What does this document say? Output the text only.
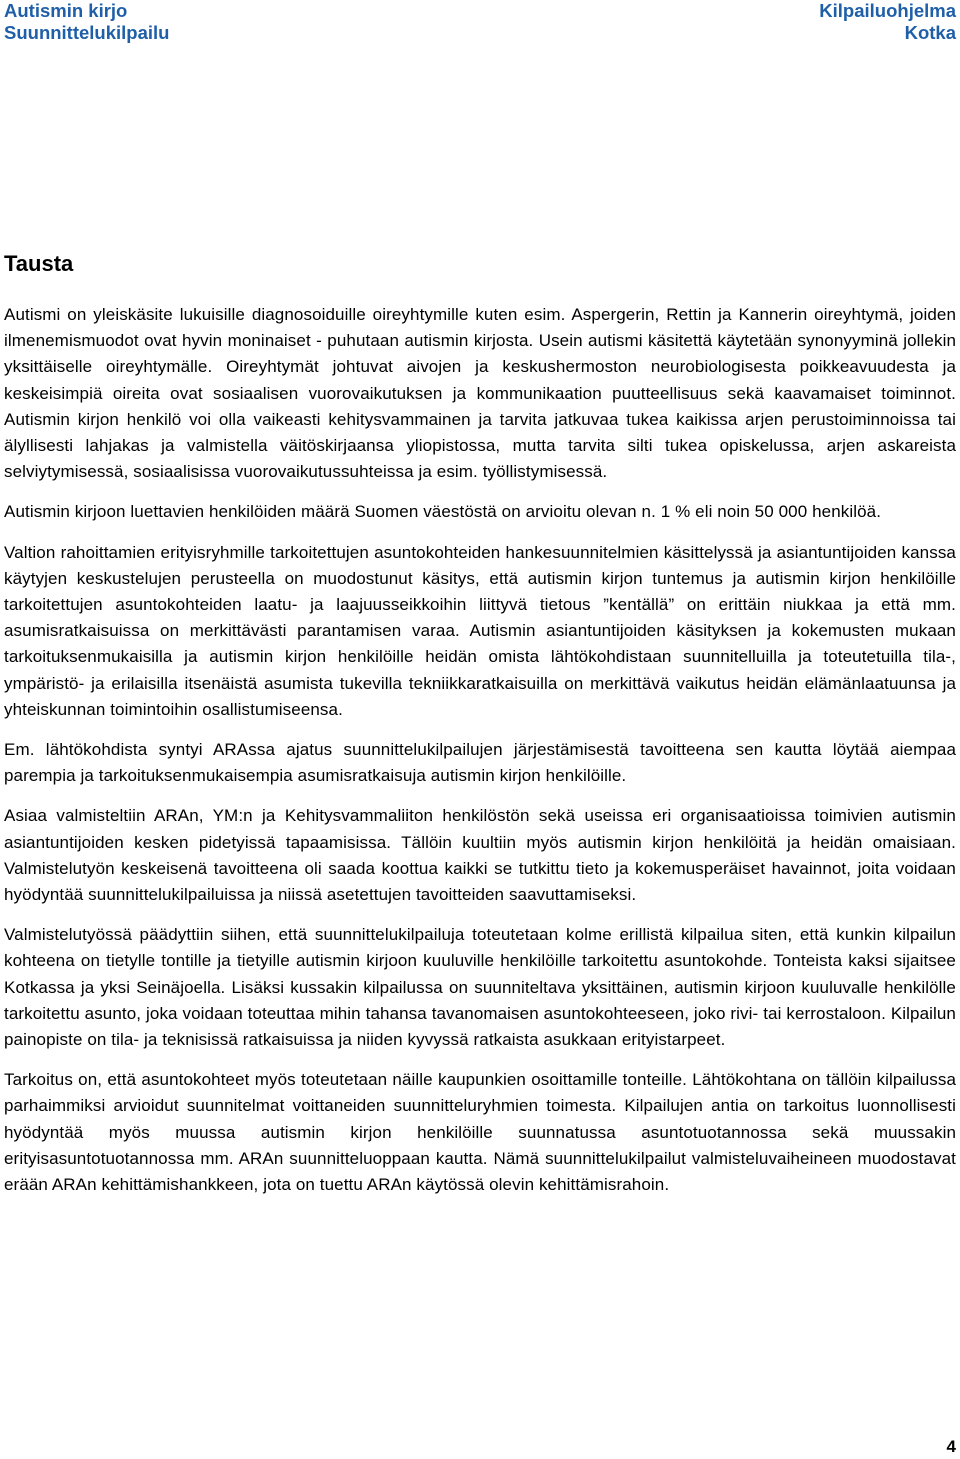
Autismin kirjo
Suunnittelukilpailu
Kilpailuohjelma
Kotka
Tausta

Autismi on yleiskäsite lukuisille diagnosoiduille oireyhtymille kuten esim. Aspergerin, Rettin ja Kannerin oireyhtymä, joiden ilmenemismuodot ovat hyvin moninaiset - puhutaan autismin kirjosta. Usein autismi käsitettä käytetään synonyyminä jollekin yksittäiselle oireyhtymälle. Oireyhtymät johtuvat aivojen ja keskushermoston neurobiologisesta poikkeavuudesta ja keskeisimpiä oireita ovat sosiaalisen vuorovaikutuksen ja kommunikaation puutteellisuus sekä kaavamaiset toiminnot. Autismin kirjon henkilö voi olla vaikeasti kehitysvammainen ja tarvita jatkuvaa tukea kaikissa arjen perustoiminnoissa tai älyllisesti lahjakas ja valmistella väitöskirjaansa yliopistossa, mutta tarvita silti tukea opiskelussa, arjen askareista selviytymisessä, sosiaalisissa vuorovaikutussuhteissa ja esim. työllistymisessä.

Autismin kirjoon luettavien henkilöiden määrä Suomen väestöstä on arvioitu olevan n. 1 % eli noin 50 000 henkilöä.

Valtion rahoittamien erityisryhmille tarkoitettujen asuntokohteiden hankesuunnitelmien käsittelyssä ja asiantuntijoiden kanssa käytyjen keskustelujen perusteella on muodostunut käsitys, että autismin kirjon tuntemus ja autismin kirjon henkilöille tarkoitettujen asuntokohteiden laatu- ja laajuusseikkoihin liittyvä tietous ”kentällä” on erittäin niukkaa ja että mm. asumisratkaisuissa on merkittävästi parantamisen varaa. Autismin asiantuntijoiden käsityksen ja kokemusten mukaan tarkoituksenmukaisilla ja autismin kirjon henkilöille heidän omista lähtökohdistaan suunnitelluilla ja toteutetuilla tila-, ympäristö- ja erilaisilla itsenäistä asumista tukevilla tekniikkaratkaisuilla on merkittävä vaikutus heidän elämänlaatuunsa ja yhteiskunnan toimintoihin osallistumiseensa.

Em. lähtökohdista syntyi ARAssa ajatus suunnittelukilpailujen järjestämisestä tavoitteena sen kautta löytää aiempaa parempia ja tarkoituksenmukaisempia asumisratkaisuja autismin kirjon henkilöille.

Asiaa valmisteltiin ARAn, YM:n ja Kehitysvammaliiton henkilöstön sekä useissa eri organisaatioissa toimivien autismin asiantuntijoiden kesken pidetyissä tapaamisissa. Tällöin kuultiin myös autismin kirjon henkilöitä ja heidän omaisiaan. Valmistelutyön keskeisenä tavoitteena oli saada koottua kaikki se tutkittu tieto ja kokemusperäiset havainnot, joita voidaan hyödyntää suunnittelukilpailuissa ja niissä asetettujen tavoitteiden saavuttamiseksi.

Valmistelutyössä päädyttiin siihen, että suunnittelukilpailuja toteutetaan kolme erillistä kilpailua siten, että kunkin kilpailun kohteena on tietylle tontille ja tietyille autismin kirjoon kuuluville henkilöille tarkoitettu asuntokohde. Tonteista kaksi sijaitsee Kotkassa ja yksi Seinäjoella. Lisäksi kussakin kilpailussa on suunniteltava yksittäinen, autismin kirjoon kuuluvalle henkilölle tarkoitettu asunto, joka voidaan toteuttaa mihin tahansa tavanomaisen asuntokohteeseen, joko rivi- tai kerrostaloon. Kilpailun painopiste on tila- ja teknisissä ratkaisuissa ja niiden kyvyssä ratkaista asukkaan erityistarpeet.

Tarkoitus on, että asuntokohteet myös toteutetaan näille kaupunkien osoittamille tonteille. Lähtökohtana on tällöin kilpailussa parhaimmiksi arvioidut suunnitelmat voittaneiden suunnitteluryhmien toimesta. Kilpailujen antia on tarkoitus luonnollisesti hyödyntää myös muussa autismin kirjon henkilöille suunnatussa asuntotuotannossa sekä muussakin erityisasuntotuotannossa mm. ARAn suunnitteluoppaan kautta. Nämä suunnittelukilpailut valmisteluvaiheineen muodostavat erään ARAn kehittämishankkeen, jota on tuettu ARAn käytössä olevin kehittämisrahoin.

4
